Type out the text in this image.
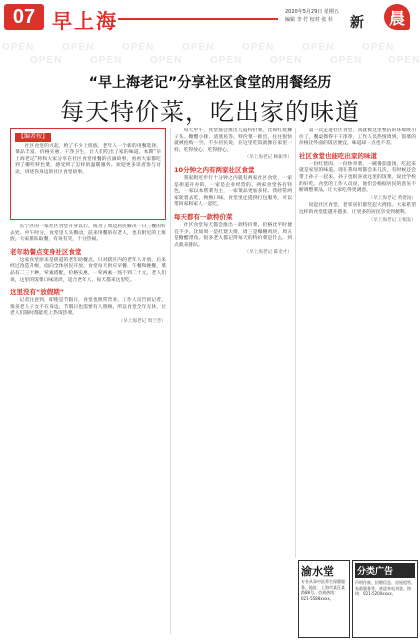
07 早上海	2020年5月29日 星期五
编辑 李 竹 校对 张 杉	新	晨
OPEN	OPEN	OPEN	OPEN	OPEN	OPEN	OPEN
OPEN	OPEN	OPEN	OPEN	OPEN	OPEN	OPEN
“早上海老记”分享社区食堂的用餐经历
每天特价菜，吃出家的味道
【编者按】

社区食堂的兴起，给了不少上班族、老年人一个新的用餐选择。菜品丰富、价格实惠、干净卫生，让人们吃出了家的味道。本期“早上海老记”将和大家分享在社区食堂用餐的点滴故事，看看大家都吃到了哪些特色菜，感受到了怎样的温暖服务。欢迎更多读者参与讨论，讲述你身边的社区食堂故事。

长宁区的一家社区食堂开业以后，成为了周边居民解决一日三餐的好去处。中午时分，食堂里人头攒动，前来用餐的有老人，也有附近的上班族。大家排队取餐，有说有笑，十分热闹。

老年助餐点变身社区食堂

这家食堂原来是街道的老年助餐点，只对辖区内的老年人开放。后来经过改造升级，面向全体居民开放。食堂每天供应早餐、午餐和晚餐，菜品有二三十种，荤素搭配，价格实惠，一荤两素一汤不到二十元。老人们说，这里的饭菜口味清淡，适合老年人，每天都来这里吃。

这里没有“放假期”

记者注意到，即使是节假日，食堂也照常营业。工作人员告诉记者，很多老人子女不在身边，节假日也需要有人照顾。所以食堂全年无休，让老人们随时都能吃上热饭热菜。

（早上海老记 周兰芳）

每天中午，食堂都会推出几道特价菜，比如红烧狮子头、糖醋小排、清蒸鱼等。特价菜一推出，往往很快就被抢购一空。不少居民说，在这里吃饭就像在家里一样，吃得放心、吃得舒心。

（早上海老记 顾振华）

10分钟之内有两家社区食堂

我家附近步行十分钟之内就有两家社区食堂，一家是街道开办的，一家是企业经营的。两家食堂各有特色，一家以本帮菜为主，一家菜品更加多样。我经常两家轮着去吃，换换口味。食堂里还提供打包服务，可以带回家和家人一起吃。

每天都有一款特价菜

社区食堂每天都会推出一款特价菜，价格比平时便宜不少。比如周一是红烧大排，周三是咖喱鸡块，周五是糖醋带鱼。很多老人都记得每天的特价菜是什么，到点就来排队。

（早上海老记 陈金才）

第一次走进社区食堂，我就被这里整洁的环境吸引住了。餐桌擦得干干净净，工作人员热情周到。饭菜的价格比外面的饭店便宜，味道却一点也不差。

社区食堂也能吃出家的味道

一份红烧肉、一份炒青菜、一碗番茄蛋汤，吃起来就是家里的味道。现在我每周都会来几次，有时候还会带上孙子一起来。孙子也很喜欢这里的饭菜，说比学校的好吃。食堂的工作人员说，他们会根据居民的意见不断调整菜品，让大家吃得更满意。

（早上海老记 黄建国）

说起社区食堂，老邻居们都竖起大拇指。大家希望这样的食堂能越开越多，让更多的居民享受到便利。

（早上海老记 王根发）

渝水堂
专业从事中医养生保健服务，地址：上海市某区某路88号，咨询热线：021-5588xxxx。
分类广告
声明作废、招聘信息、房屋租售、家政服务等，欢迎来电刊登。热线：021-5200xxxx。
